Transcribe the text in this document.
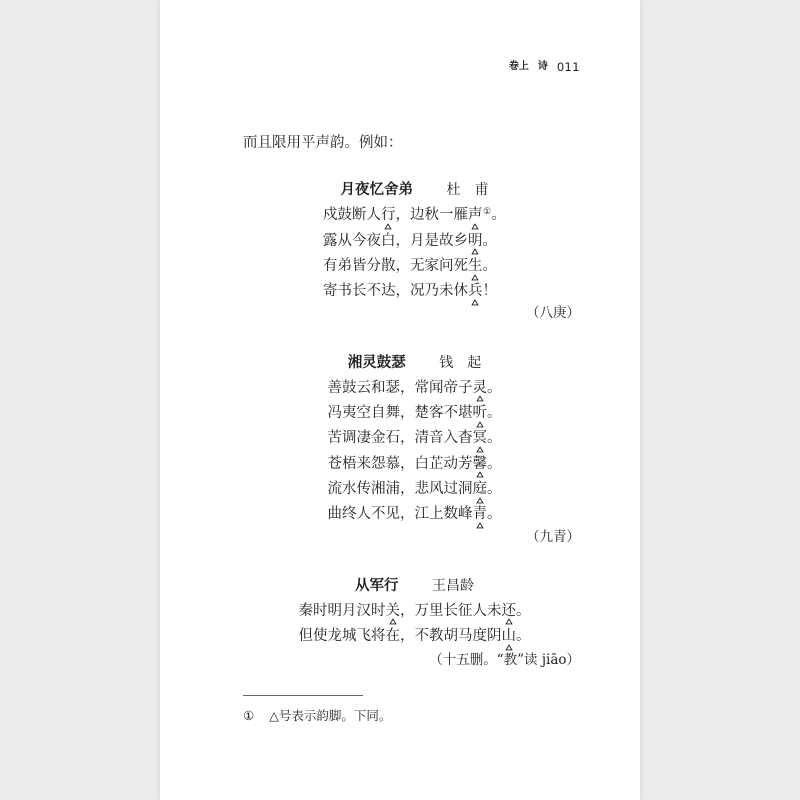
卷上 诗 011

而且限用平声韵。例如：

月夜忆舍弟 杜甫
戍鼓断人行
，边秋一雁声
①。
露从今夜白，月是故乡明
。
有弟皆分散，无家问死生
。
寄书长不达，况乃未休兵
！
（八庚）
湘灵鼓瑟 钱起
善鼓云和瑟，常闻帝子灵
。
冯夷空自舞，楚客不堪听
。
苦调凄金石，清音入杳冥
。
苍梧来怨慕，白芷动芳馨
。
流水传湘浦，悲风过洞庭
。
曲终人不见，江上数峰青
。
（九青）
从军行 王昌龄
秦时明月汉时关
，万里长征人未还
。
但使龙城飞将在，不教胡马度阴山
。
（十五删。“教”读 jiāo）
① △号表示韵脚。下同。
